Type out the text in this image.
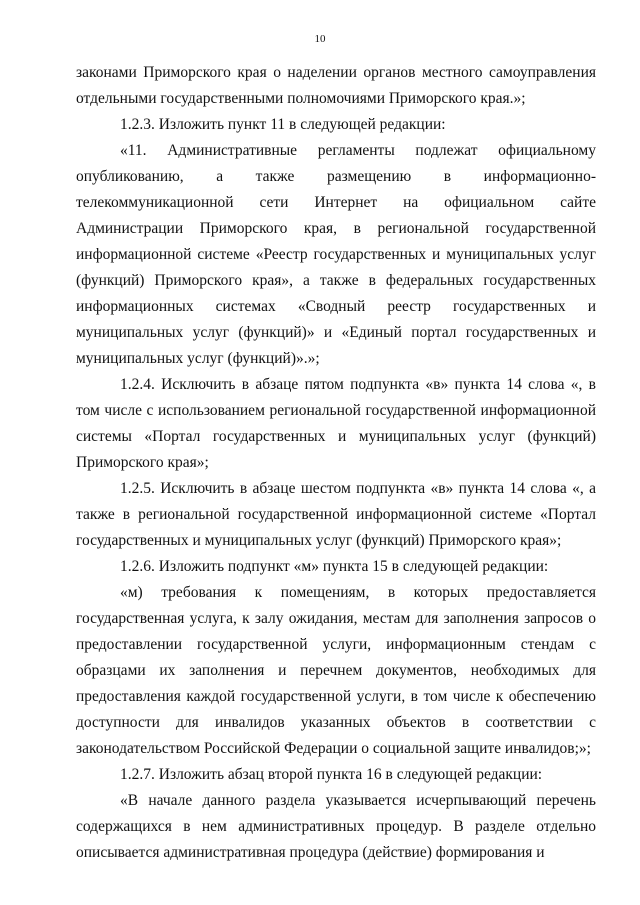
10

законами Приморского края о наделении органов местного самоуправления отдельными государственными полномочиями Приморского края.»;

1.2.3. Изложить пункт 11 в следующей редакции:

«11. Административные регламенты подлежат официальному опубликованию, а также размещению в информационно-телекоммуникационной сети Интернет на официальном сайте Администрации Приморского края, в региональной государственной информационной системе «Реестр государственных и муниципальных услуг (функций) Приморского края», а также в федеральных государственных информационных системах «Сводный реестр государственных и муниципальных услуг (функций)» и «Единый портал государственных и муниципальных услуг (функций)».»;

1.2.4. Исключить в абзаце пятом подпункта «в» пункта 14 слова «, в том числе с использованием региональной государственной информационной системы «Портал государственных и муниципальных услуг (функций) Приморского края»;

1.2.5. Исключить в абзаце шестом подпункта «в» пункта 14 слова «, а также в региональной государственной информационной системе «Портал государственных и муниципальных услуг (функций) Приморского края»;

1.2.6. Изложить подпункт «м» пункта 15 в следующей редакции:

«м) требования к помещениям, в которых предоставляется государственная услуга, к залу ожидания, местам для заполнения запросов о предоставлении государственной услуги, информационным стендам с образцами их заполнения и перечнем документов, необходимых для предоставления каждой государственной услуги, в том числе к обеспечению доступности для инвалидов указанных объектов в соответствии с законодательством Российской Федерации о социальной защите инвалидов;»;

1.2.7. Изложить абзац второй пункта 16 в следующей редакции:

«В начале данного раздела указывается исчерпывающий перечень содержащихся в нем административных процедур. В разделе отдельно описывается административная процедура (действие) формирования и
